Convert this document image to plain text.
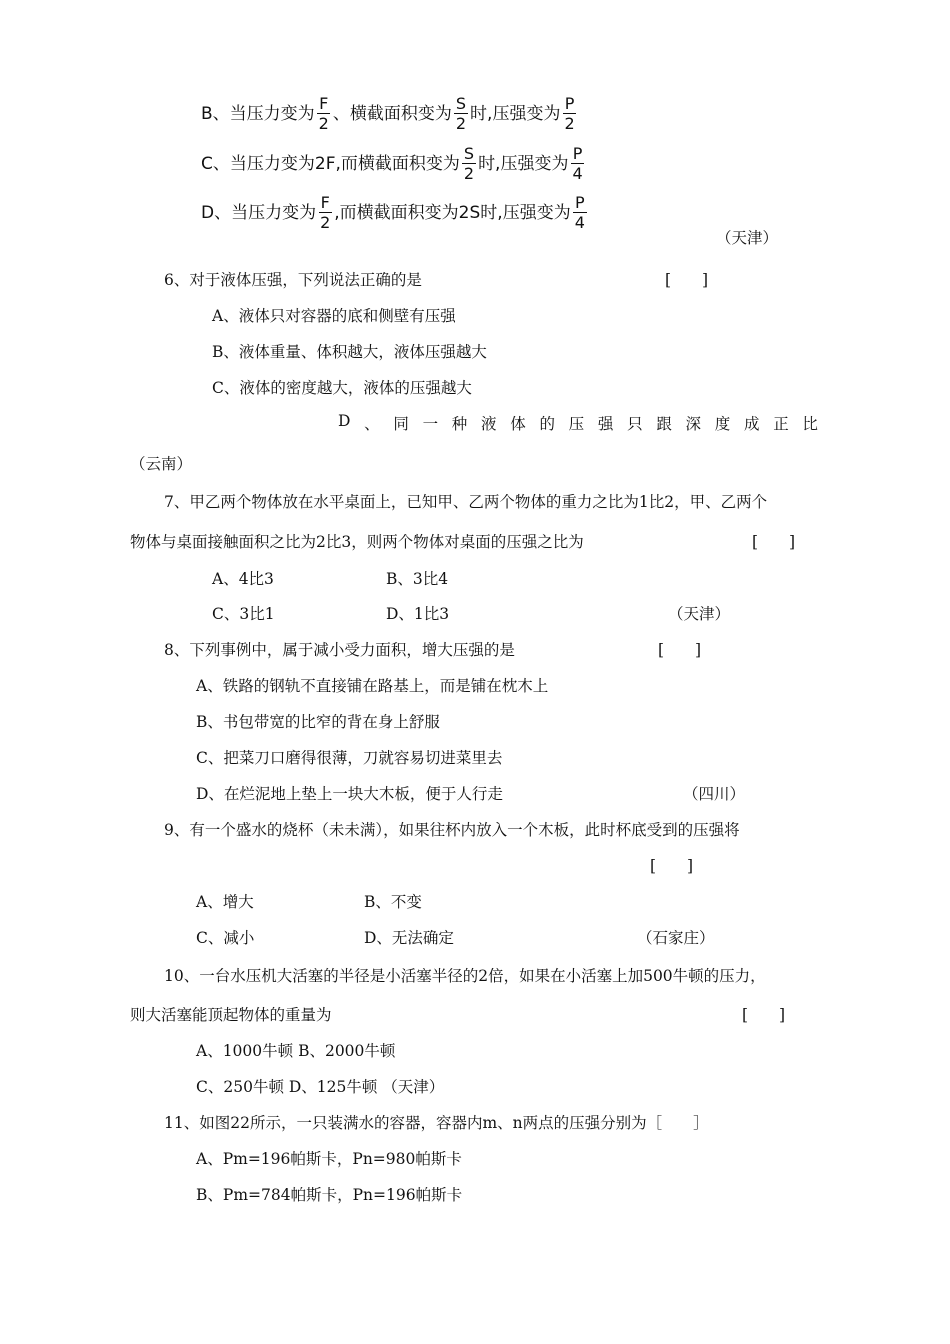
B、当压力变为 $\frac{F}{2}$ 、横截面积变为 $\frac{S}{2}$ 时,压强变为 $\frac{P}{2}$
C、当压力变为2F,而横截面积变为 $\frac{S}{2}$ 时,压强变为 $\frac{P}{4}$
D、当压力变为 $\frac{F}{2}$ ,而横截面积变为2S时,压强变为 $\frac{P}{4}$
（天津）
6、对于液体压强，下列说法正确的是	[　　]
A、液体只对容器的底和侧壁有压强
B、液体重量、体积越大，液体压强越大
C、液体的密度越大，液体的压强越大
D 、 同 一 种 液 体 的 压 强 只 跟 深 度 成 正 比
（云南）
7、甲乙两个物体放在水平桌面上，已知甲、乙两个物体的重力之比为1比2，甲、乙两个
物体与桌面接触面积之比为2比3，则两个物体对桌面的压强之比为	[　　]
A、4比3	B、3比4
C、3比1	D、1比3	（天津）
8、下列事例中，属于减小受力面积，增大压强的是	[　　]
A、铁路的钢轨不直接铺在路基上，而是铺在枕木上
B、书包带宽的比窄的背在身上舒服
C、把菜刀口磨得很薄，刀就容易切进菜里去
D、在烂泥地上垫上一块大木板，便于人行走	（四川）
9、有一个盛水的烧杯（未未满），如果往杯内放入一个木板，此时杯底受到的压强将
[　　]
A、增大	B、不变
C、减小	D、无法确定	（石家庄）
10、一台水压机大活塞的半径是小活塞半径的2倍，如果在小活塞上加500牛顿的压力，
则大活塞能顶起物体的重量为	[　　]
A、1000牛顿 B、2000牛顿
C、250牛顿 D、125牛顿 （天津）
11、如图22所示，一只装满水的容器，容器内m、n两点的压强分别为［　　］
A、Pm=196帕斯卡，Pn=980帕斯卡
B、Pm=784帕斯卡，Pn=196帕斯卡
